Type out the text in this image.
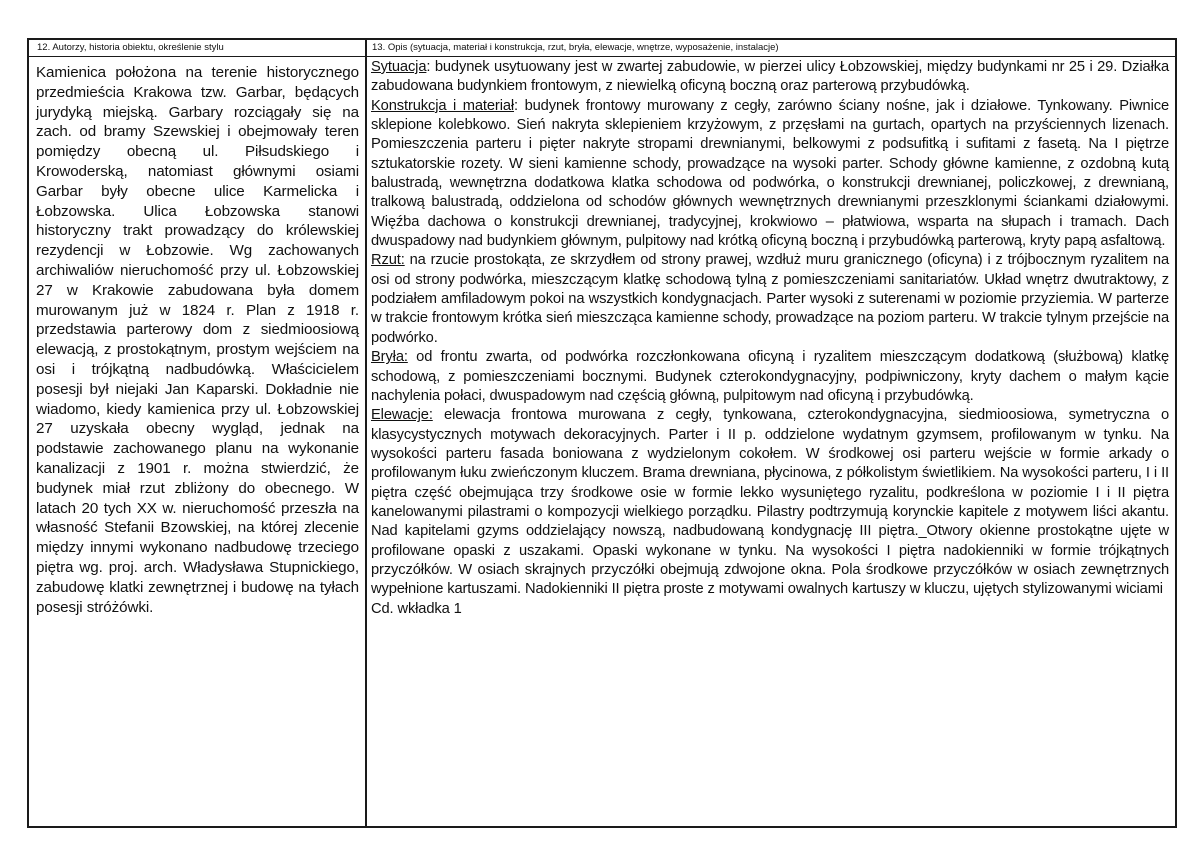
12. Autorzy, historia obiektu, określenie stylu
Kamienica położona na terenie historycznego przedmieścia Krakowa tzw. Garbar, będących jurydyką miejską. Garbary rozciągały się na zach. od bramy Szewskiej i obejmowały teren pomiędzy obecną ul. Piłsudskiego i Krowoderską, natomiast głównymi osiami Garbar były obecne ulice Karmelicka i Łobzowska. Ulica Łobzowska stanowi historyczny trakt prowadzący do królewskiej rezydencji w Łobzowie. Wg zachowanych archiwaliów nieruchomość przy ul. Łobzowskiej 27 w Krakowie zabudowana była domem murowanym już w 1824 r. Plan z 1918 r. przedstawia parterowy dom z siedmioosiową elewacją, z prostokątnym, prostym wejściem na osi i trójkątną nadbudówką. Właścicielem posesji był niejaki Jan Kaparski. Dokładnie nie wiadomo, kiedy kamienica przy ul. Łobzowskiej 27 uzyskała obecny wygląd, jednak na podstawie zachowanego planu na wykonanie kanalizacji z 1901 r. można stwierdzić, że budynek miał rzut zbliżony do obecnego. W latach 20 tych XX w. nieruchomość przeszła na własność Stefanii Bzowskiej, na której zlecenie między innymi wykonano nadbudowę trzeciego piętra wg. proj. arch. Władysława Stupnickiego, zabudowę klatki zewnętrznej i budowę na tyłach posesji stróżówki.
13. Opis (sytuacja, materiał i konstrukcja, rzut, bryła, elewacje, wnętrze, wyposażenie, instalacje)

Sytuacja: budynek usytuowany jest w zwartej zabudowie, w pierzei ulicy Łobzowskiej, między budynkami nr 25 i 29. Działka zabudowana budynkiem frontowym, z niewielką oficyną boczną oraz parterową przybudówką.

Konstrukcja i materiał: budynek frontowy murowany z cegły, zarówno ściany nośne, jak i działowe. Tynkowany. Piwnice sklepione kolebkowo. Sień nakryta sklepieniem krzyżowym, z przęsłami na gurtach, opartych na przyściennych lizenach. Pomieszczenia parteru i pięter nakryte stropami drewnianymi, belkowymi z podsufitką i sufitami z fasetą. Na I piętrze sztukatorskie rozety. W sieni kamienne schody, prowadzące na wysoki parter. Schody główne kamienne, z ozdobną kutą balustradą, wewnętrzna dodatkowa klatka schodowa od podwórka, o konstrukcji drewnianej, policzkowej, z drewnianą, tralkową balustradą, oddzielona od schodów głównych wewnętrznych drewnianymi przeszklonymi ściankami działowymi. Więźba dachowa o konstrukcji drewnianej, tradycyjnej, krokwiowo – płatwiowa, wsparta na słupach i tramach. Dach dwuspadowy nad budynkiem głównym, pulpitowy nad krótką oficyną boczną i przybudówką parterową, kryty papą asfaltową.

Rzut: na rzucie prostokąta, ze skrzydłem od strony prawej, wzdłuż muru granicznego (oficyna) i z trójbocznym ryzalitem na osi od strony podwórka, mieszczącym klatkę schodową tylną z pomieszczeniami sanitariatów. Układ wnętrz dwutraktowy, z podziałem amfiladowym pokoi na wszystkich kondygnacjach. Parter wysoki z suterenami w poziomie przyziemia. W parterze w trakcie frontowym krótka sień mieszcząca kamienne schody, prowadzące na poziom parteru. W trakcie tylnym przejście na podwórko.

Bryła: od frontu zwarta, od podwórka rozczłonkowana oficyną i ryzalitem mieszczącym dodatkową (służbową) klatkę schodową, z pomieszczeniami bocznymi. Budynek czterokondygnacyjny, podpiwniczony, kryty dachem o małym kącie nachylenia połaci, dwuspadowym nad częścią główną, pulpitowym nad oficyną i przybudówką.

Elewacje: elewacja frontowa murowana z cegły, tynkowana, czterokondygnacyjna, siedmioosiowa, symetryczna o klasycystycznych motywach dekoracyjnych. Parter i II p. oddzielone wydatnym gzymsem, profilowanym w tynku. Na wysokości parteru fasada boniowana z wydzielonym cokołem. W środkowej osi parteru wejście w formie arkady o profilowanym łuku zwieńczonym kluczem. Brama drewniana, płycinowa, z półkolistym świetlikiem. Na wysokości parteru, I i II piętra część obejmująca trzy środkowe osie w formie lekko wysuniętego ryzalitu, podkreślona w poziomie I i II piętra kanelowanymi pilastrami o kompozycji wielkiego porządku. Pilastry podtrzymują korynckie kapitele z motywem liści akantu. Nad kapitelami gzyms oddzielający nowszą, nadbudowaną kondygnację III piętra._Otwory okienne prostokątne ujęte w profilowane opaski z uszakami. Opaski wykonane w tynku. Na wysokości I piętra nadokienniki w formie trójkątnych przyczółków. W osiach skrajnych przyczółki obejmują zdwojone okna. Pola środkowe przyczółków w osiach zewnętrznych wypełnione kartuszami. Nadokienniki II piętra proste z motywami owalnych kartuszy w kluczu, ujętych stylizowanymi wiciami

Cd. wkładka 1
